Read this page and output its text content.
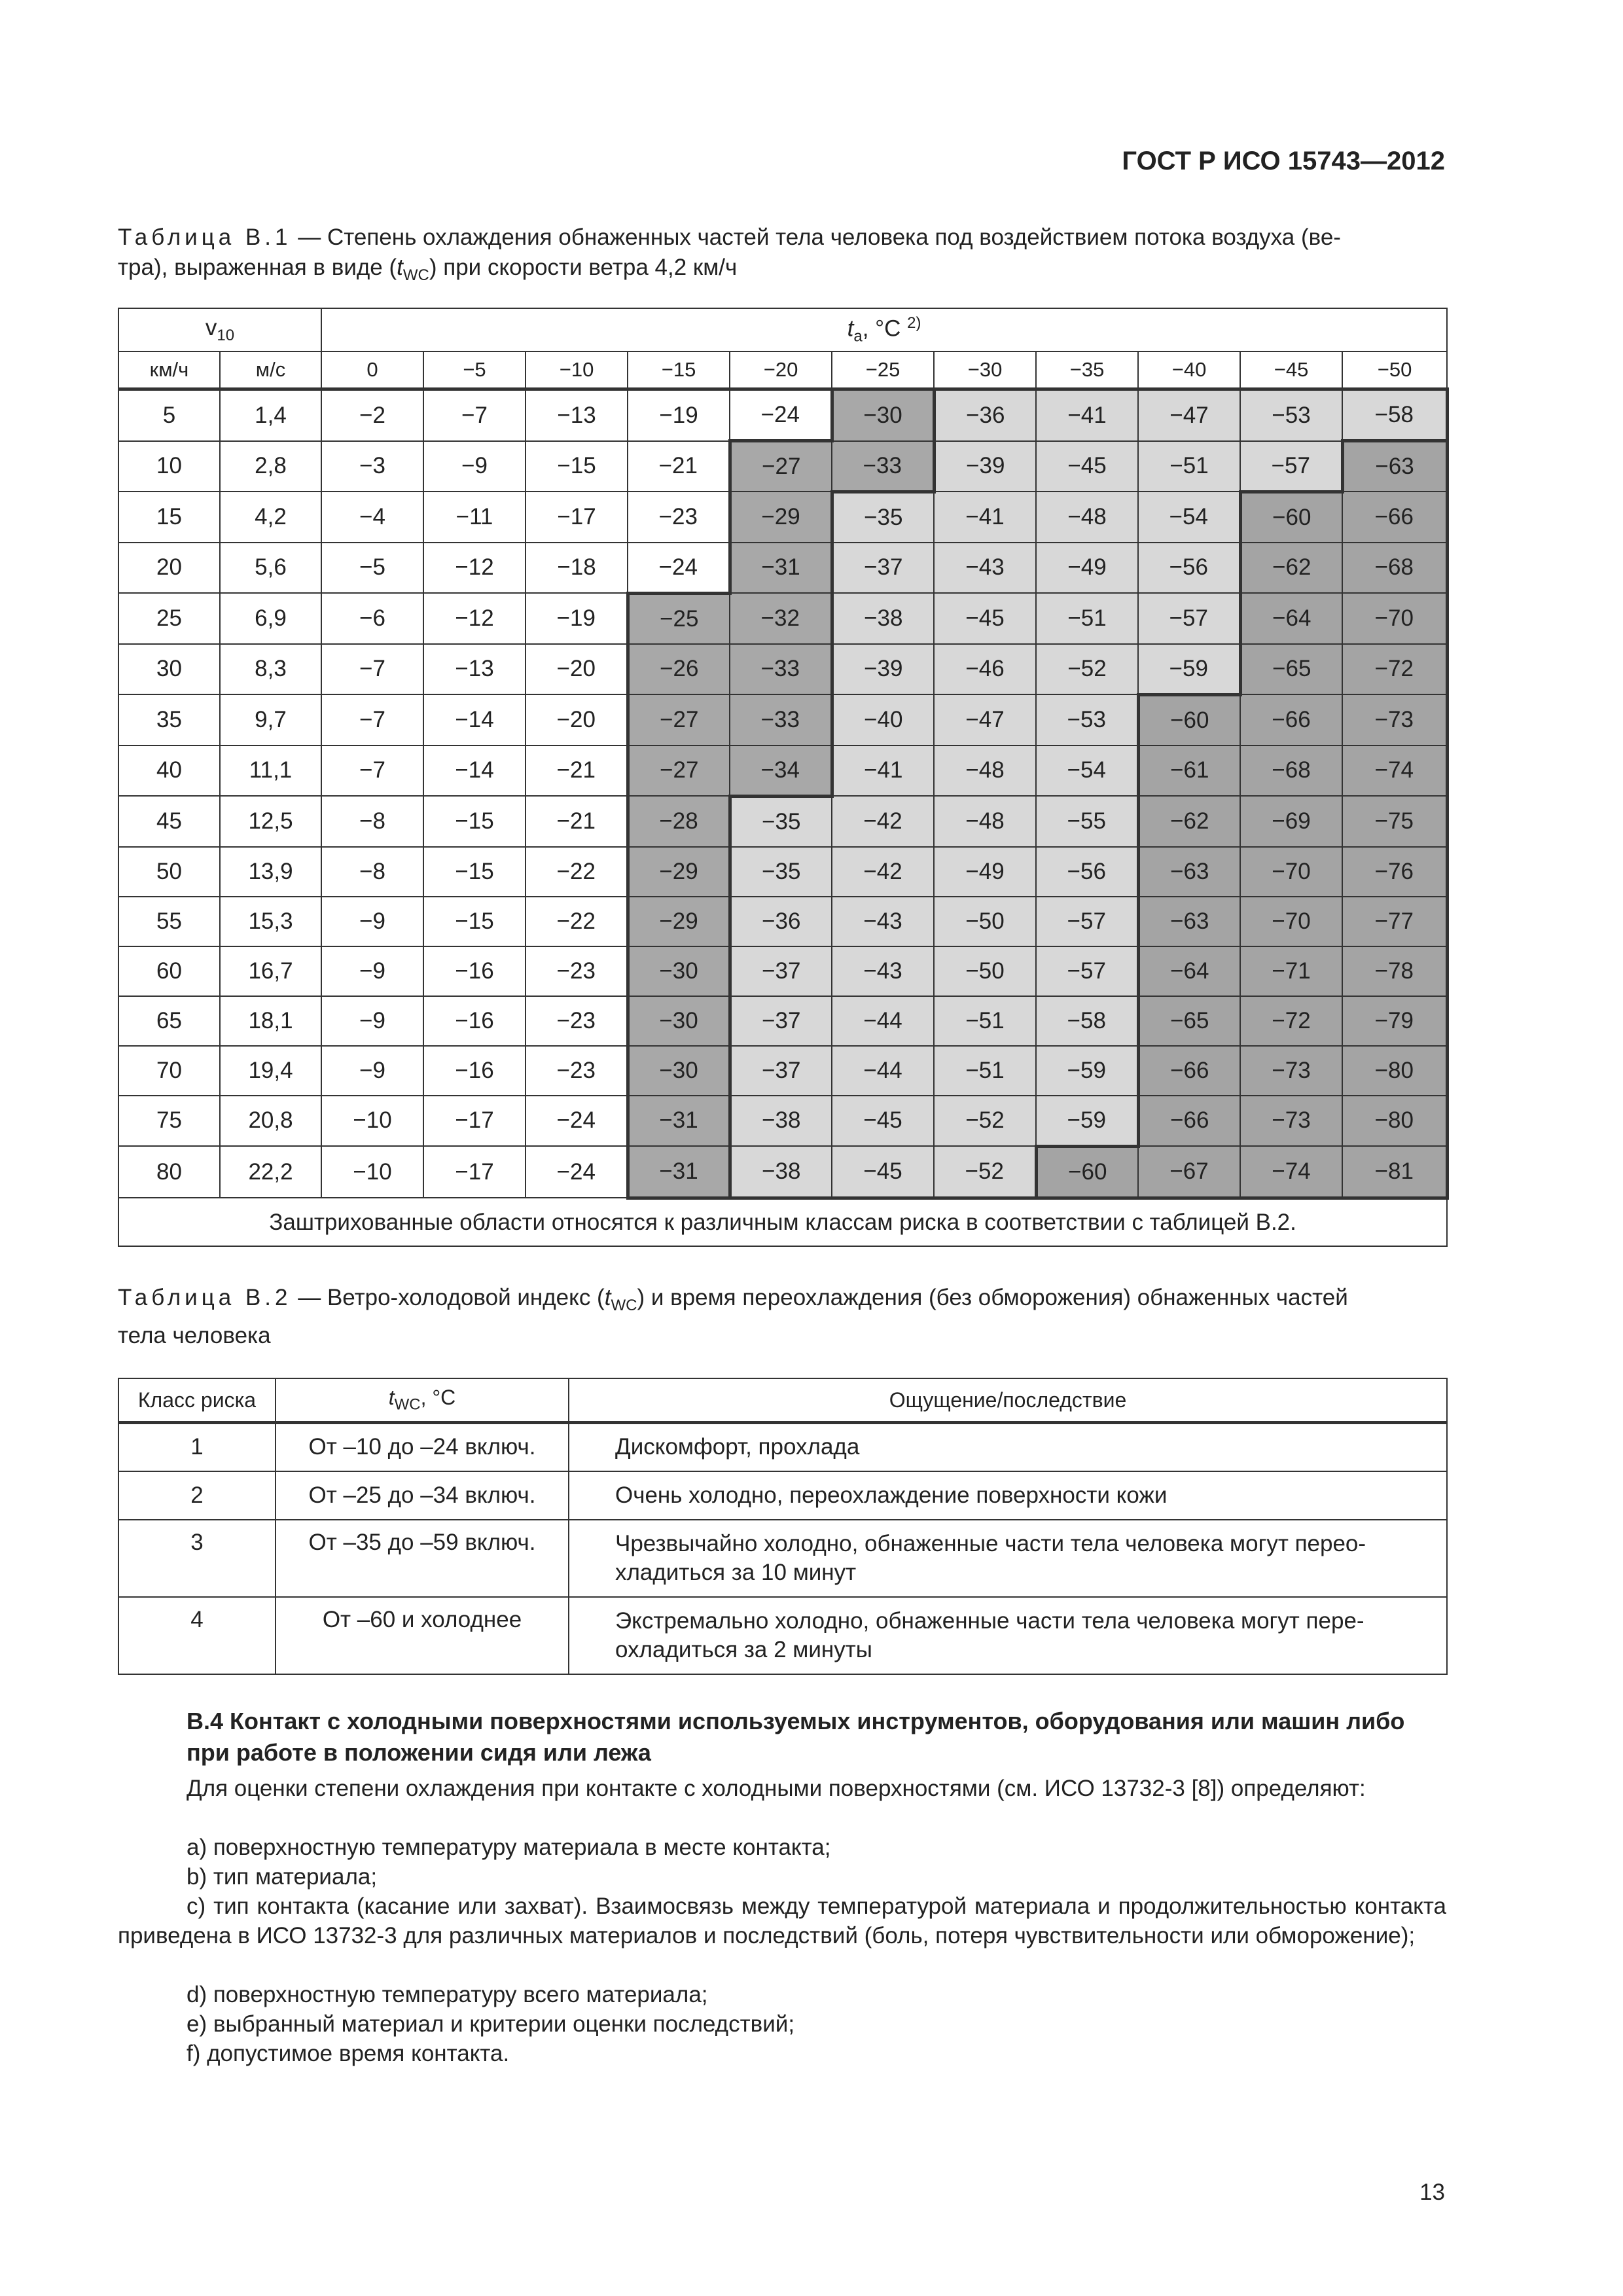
ГОСТ Р ИСО 15743—2012
Таблица В.1 — Степень охлаждения обнаженных частей тела человека под воздействием потока воздуха (ве-
тра), выраженная в виде $(t_{WC})$ при скорости ветра 4,2 км/ч
$v_{10}$		$t_a$, °C $^{2)}$
км/ч	м/с	0	−5	−10	−15	−20	−25	−30	−35	−40	−45	−50
5	1,4	−2	−7	−13	−19	−24	−30	−36	−41	−47	−53	−58
10	2,8	−3	−9	−15	−21	−27	−33	−39	−45	−51	−57	−63
15	4,2	−4	−11	−17	−23	−29	−35	−41	−48	−54	−60	−66
20	5,6	−5	−12	−18	−24	−31	−37	−43	−49	−56	−62	−68
25	6,9	−6	−12	−19	−25	−32	−38	−45	−51	−57	−64	−70
30	8,3	−7	−13	−20	−26	−33	−39	−46	−52	−59	−65	−72
35	9,7	−7	−14	−20	−27	−33	−40	−47	−53	−60	−66	−73
40	11,1	−7	−14	−21	−27	−34	−41	−48	−54	−61	−68	−74
45	12,5	−8	−15	−21	−28	−35	−42	−48	−55	−62	−69	−75
50	13,9	−8	−15	−22	−29	−35	−42	−49	−56	−63	−70	−76
55	15,3	−9	−15	−22	−29	−36	−43	−50	−57	−63	−70	−77
60	16,7	−9	−16	−23	−30	−37	−43	−50	−57	−64	−71	−78
65	18,1	−9	−16	−23	−30	−37	−44	−51	−58	−65	−72	−79
70	19,4	−9	−16	−23	−30	−37	−44	−51	−59	−66	−73	−80
75	20,8	−10	−17	−24	−31	−38	−45	−52	−59	−66	−73	−80
80	22,2	−10	−17	−24	−31	−38	−45	−52	−60	−67	−74	−81
Заштрихованные области относятся к различным классам риска в соответствии с таблицей В.2.												
Таблица В.2 — Ветро-холодовой индекс $(t_{WC})$ и время переохлаждения (без обморожения) обнаженных частей
тела человека
Класс риска	$t_{WC}$, °C	Ощущение/последствие
1	От –10 до –24 включ.	Дискомфорт, прохлада
2	От –25 до –34 включ.	Очень холодно, переохлаждение поверхности кожи
3	От –35 до –59 включ.	Чрезвычайно холодно, обнаженные части тела человека могут перео-хладиться за 10 минут
4	От –60 и холоднее	Экстремально холодно, обнаженные части тела человека могут пере-охладиться за 2 минуты
В.4 Контакт с холодными поверхностями используемых инструментов, оборудования или машин либо при работе в положении сидя или лежа
Для оценки степени охлаждения при контакте с холодными поверхностями (см. ИСО 13732-3 [8]) определяют:
а) поверхностную температуру материала в месте контакта;
b) тип материала;
с) тип контакта (касание или захват). Взаимосвязь между температурой материала и продолжительностью контакта приведена в ИСО 13732-3 для различных материалов и последствий (боль, потеря чувствительности или обморожение);
d) поверхностную температуру всего материала;
e) выбранный материал и критерии оценки последствий;
f) допустимое время контакта.
13
